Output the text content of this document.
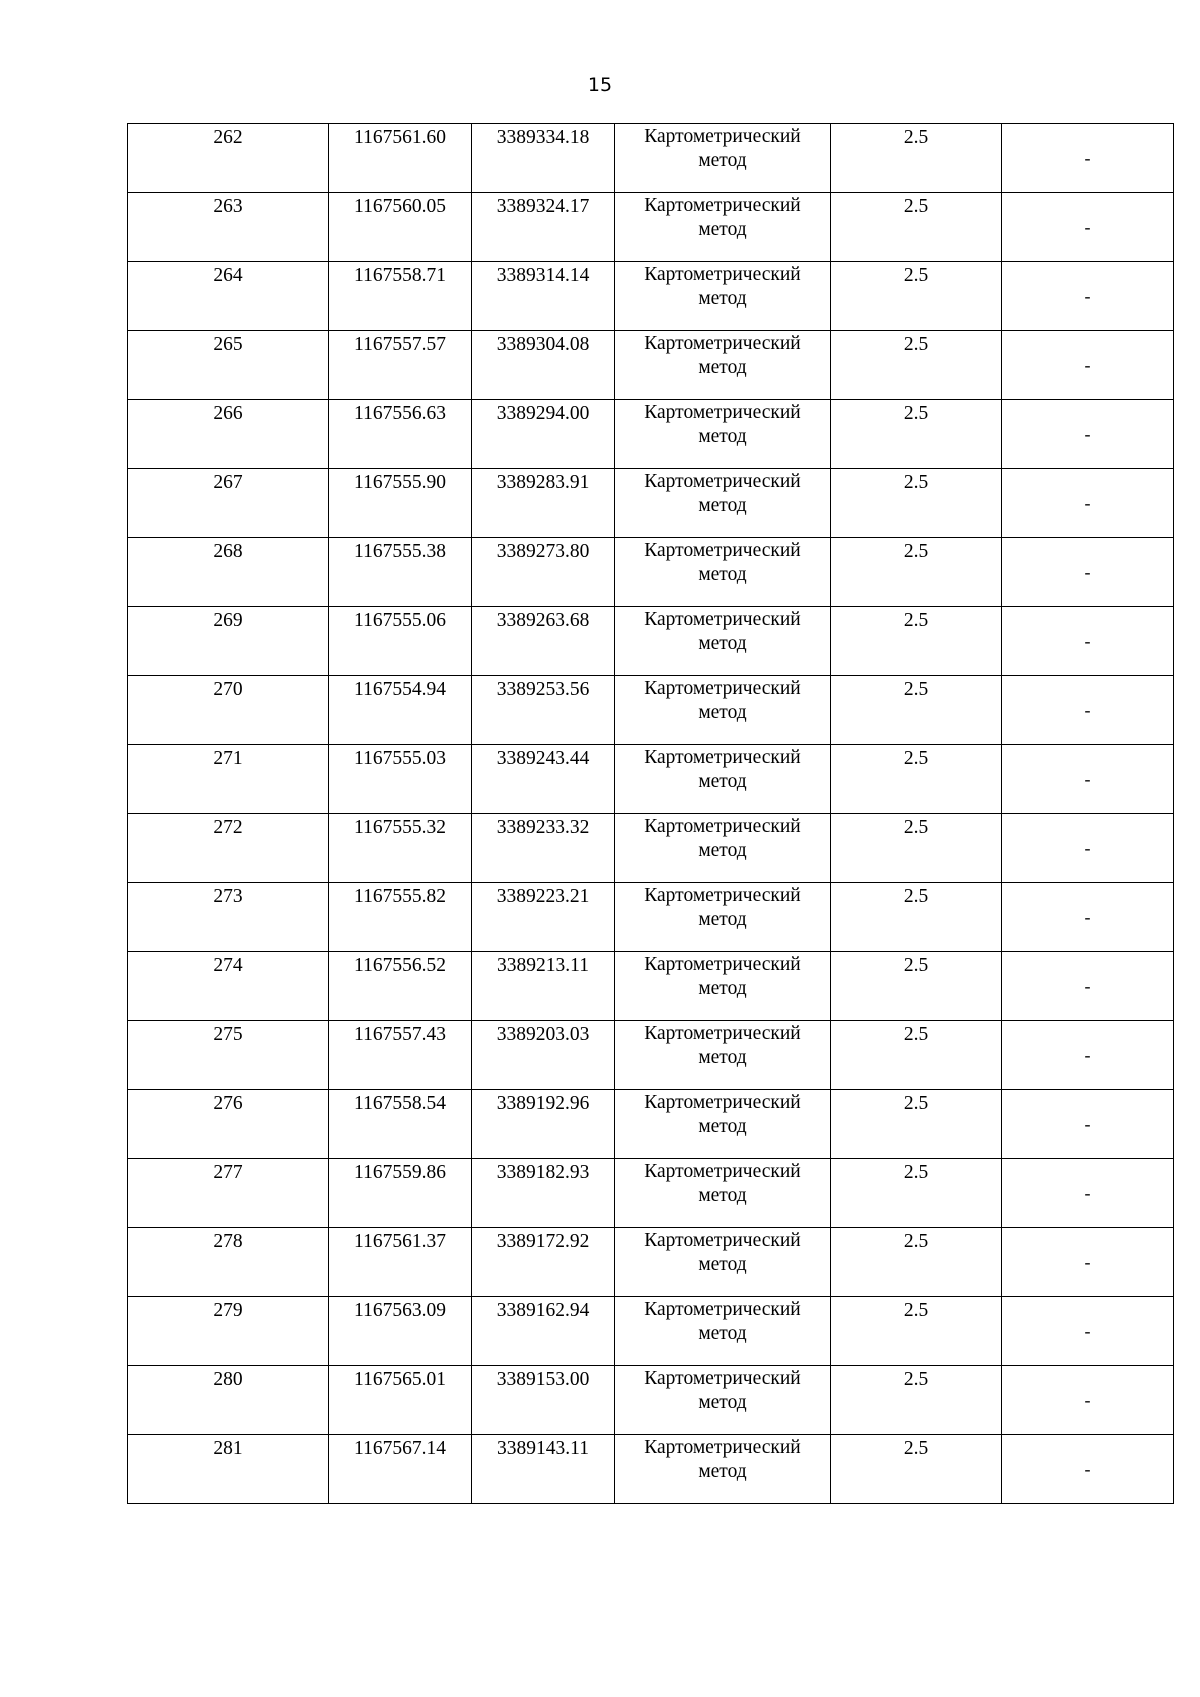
15
262	1167561.60	3389334.18	Картометрический
метод	2.5	-

263	1167560.05	3389324.17	Картометрический
метод	2.5	-

264	1167558.71	3389314.14	Картометрический
метод	2.5	-

265	1167557.57	3389304.08	Картометрический
метод	2.5	-

266	1167556.63	3389294.00	Картометрический
метод	2.5	-

267	1167555.90	3389283.91	Картометрический
метод	2.5	-

268	1167555.38	3389273.80	Картометрический
метод	2.5	-

269	1167555.06	3389263.68	Картометрический
метод	2.5	-

270	1167554.94	3389253.56	Картометрический
метод	2.5	-

271	1167555.03	3389243.44	Картометрический
метод	2.5	-

272	1167555.32	3389233.32	Картометрический
метод	2.5	-

273	1167555.82	3389223.21	Картометрический
метод	2.5	-

274	1167556.52	3389213.11	Картометрический
метод	2.5	-

275	1167557.43	3389203.03	Картометрический
метод	2.5	-

276	1167558.54	3389192.96	Картометрический
метод	2.5	-

277	1167559.86	3389182.93	Картометрический
метод	2.5	-

278	1167561.37	3389172.92	Картометрический
метод	2.5	-

279	1167563.09	3389162.94	Картометрический
метод	2.5	-

280	1167565.01	3389153.00	Картометрический
метод	2.5	-

281	1167567.14	3389143.11	Картометрический
метод	2.5	-
